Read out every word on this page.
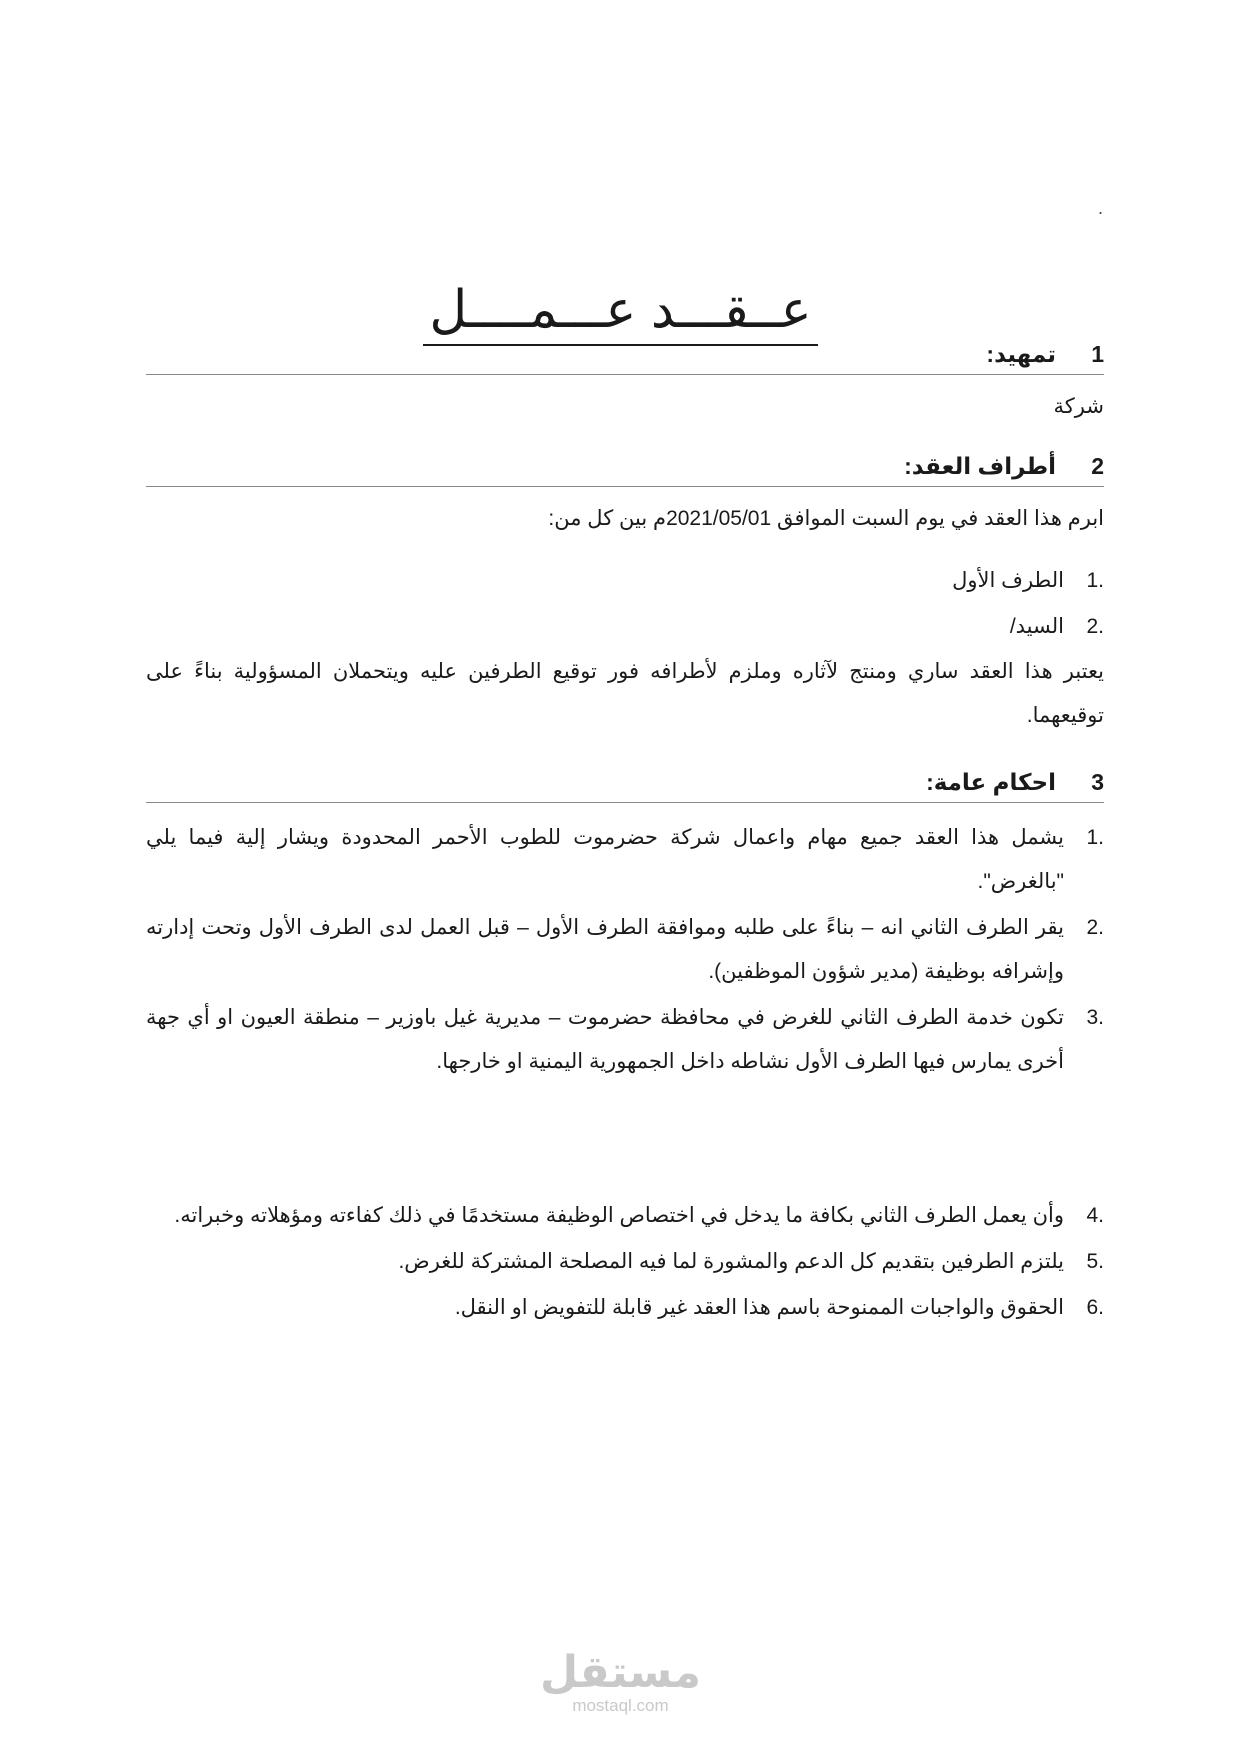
.
عــقـــد عـــمــــل
1
تمهيد:
شركة
2
أطراف العقد:
ابرم هذا العقد في يوم السبت الموافق 2021/05/01م بين كل من:
1.
الطرف الأول
2.
السيد/
يعتبر هذا العقد ساري ومنتج لآثاره وملزم لأطرافه فور توقيع الطرفين عليه ويتحملان المسؤولية بناءً على توقيعهما.
3
احكام عامة:
1.
يشمل هذا العقد جميع مهام واعمال شركة حضرموت للطوب الأحمر المحدودة ويشار إلية فيما يلي "بالغرض".
2.
يقر الطرف الثاني انه – بناءً على طلبه وموافقة الطرف الأول – قبل العمل لدى الطرف الأول وتحت إدارته وإشرافه بوظيفة (مدير شؤون الموظفين).
3.
تكون خدمة الطرف الثاني للغرض في محافظة حضرموت – مديرية غيل باوزير – منطقة العيون او أي جهة أخرى يمارس فيها الطرف الأول نشاطه داخل الجمهورية اليمنية او خارجها.
4.
وأن يعمل الطرف الثاني بكافة ما يدخل في اختصاص الوظيفة مستخدمًا في ذلك كفاءته ومؤهلاته وخبراته.
5.
يلتزم الطرفين بتقديم كل الدعم والمشورة لما فيه المصلحة المشتركة للغرض.
6.
الحقوق والواجبات الممنوحة باسم هذا العقد غير قابلة للتفويض او النقل.
مستقل
mostaql.com
